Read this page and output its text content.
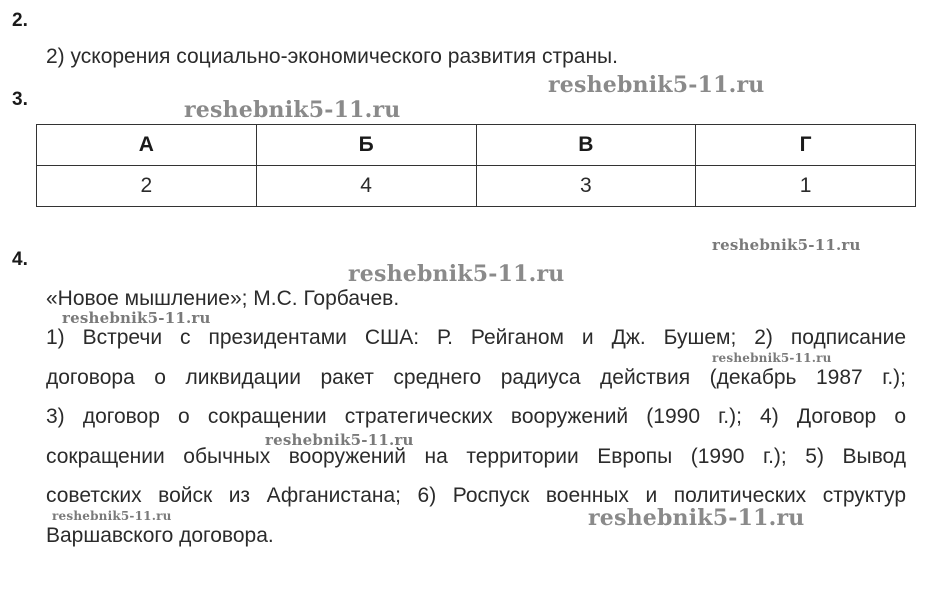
2.
2) ускорения социально-экономического развития страны.
3.
А	Б	В	Г
2	4	3	1
4.
«Новое мышление»; М.С. Горбачев.
1) Встречи с президентами США: Р. Рейганом и Дж. Бушем; 2) подписание
договора о ликвидации ракет среднего радиуса действия (декабрь 1987 г.);
3) договор о сокращении стратегических вооружений (1990 г.); 4) Договор о
сокращении обычных вооружений на территории Европы (1990 г.); 5) Вывод
советских войск из Афганистана; 6) Роспуск военных и политических структур
Варшавского договора.
reshebnik5-11.ru
reshebnik5-11.ru
reshebnik5-11.ru
reshebnik5-11.ru
reshebnik5-11.ru
reshebnik5-11.ru
reshebnik5-11.ru
reshebnik5-11.ru
reshebnik5-11.ru
